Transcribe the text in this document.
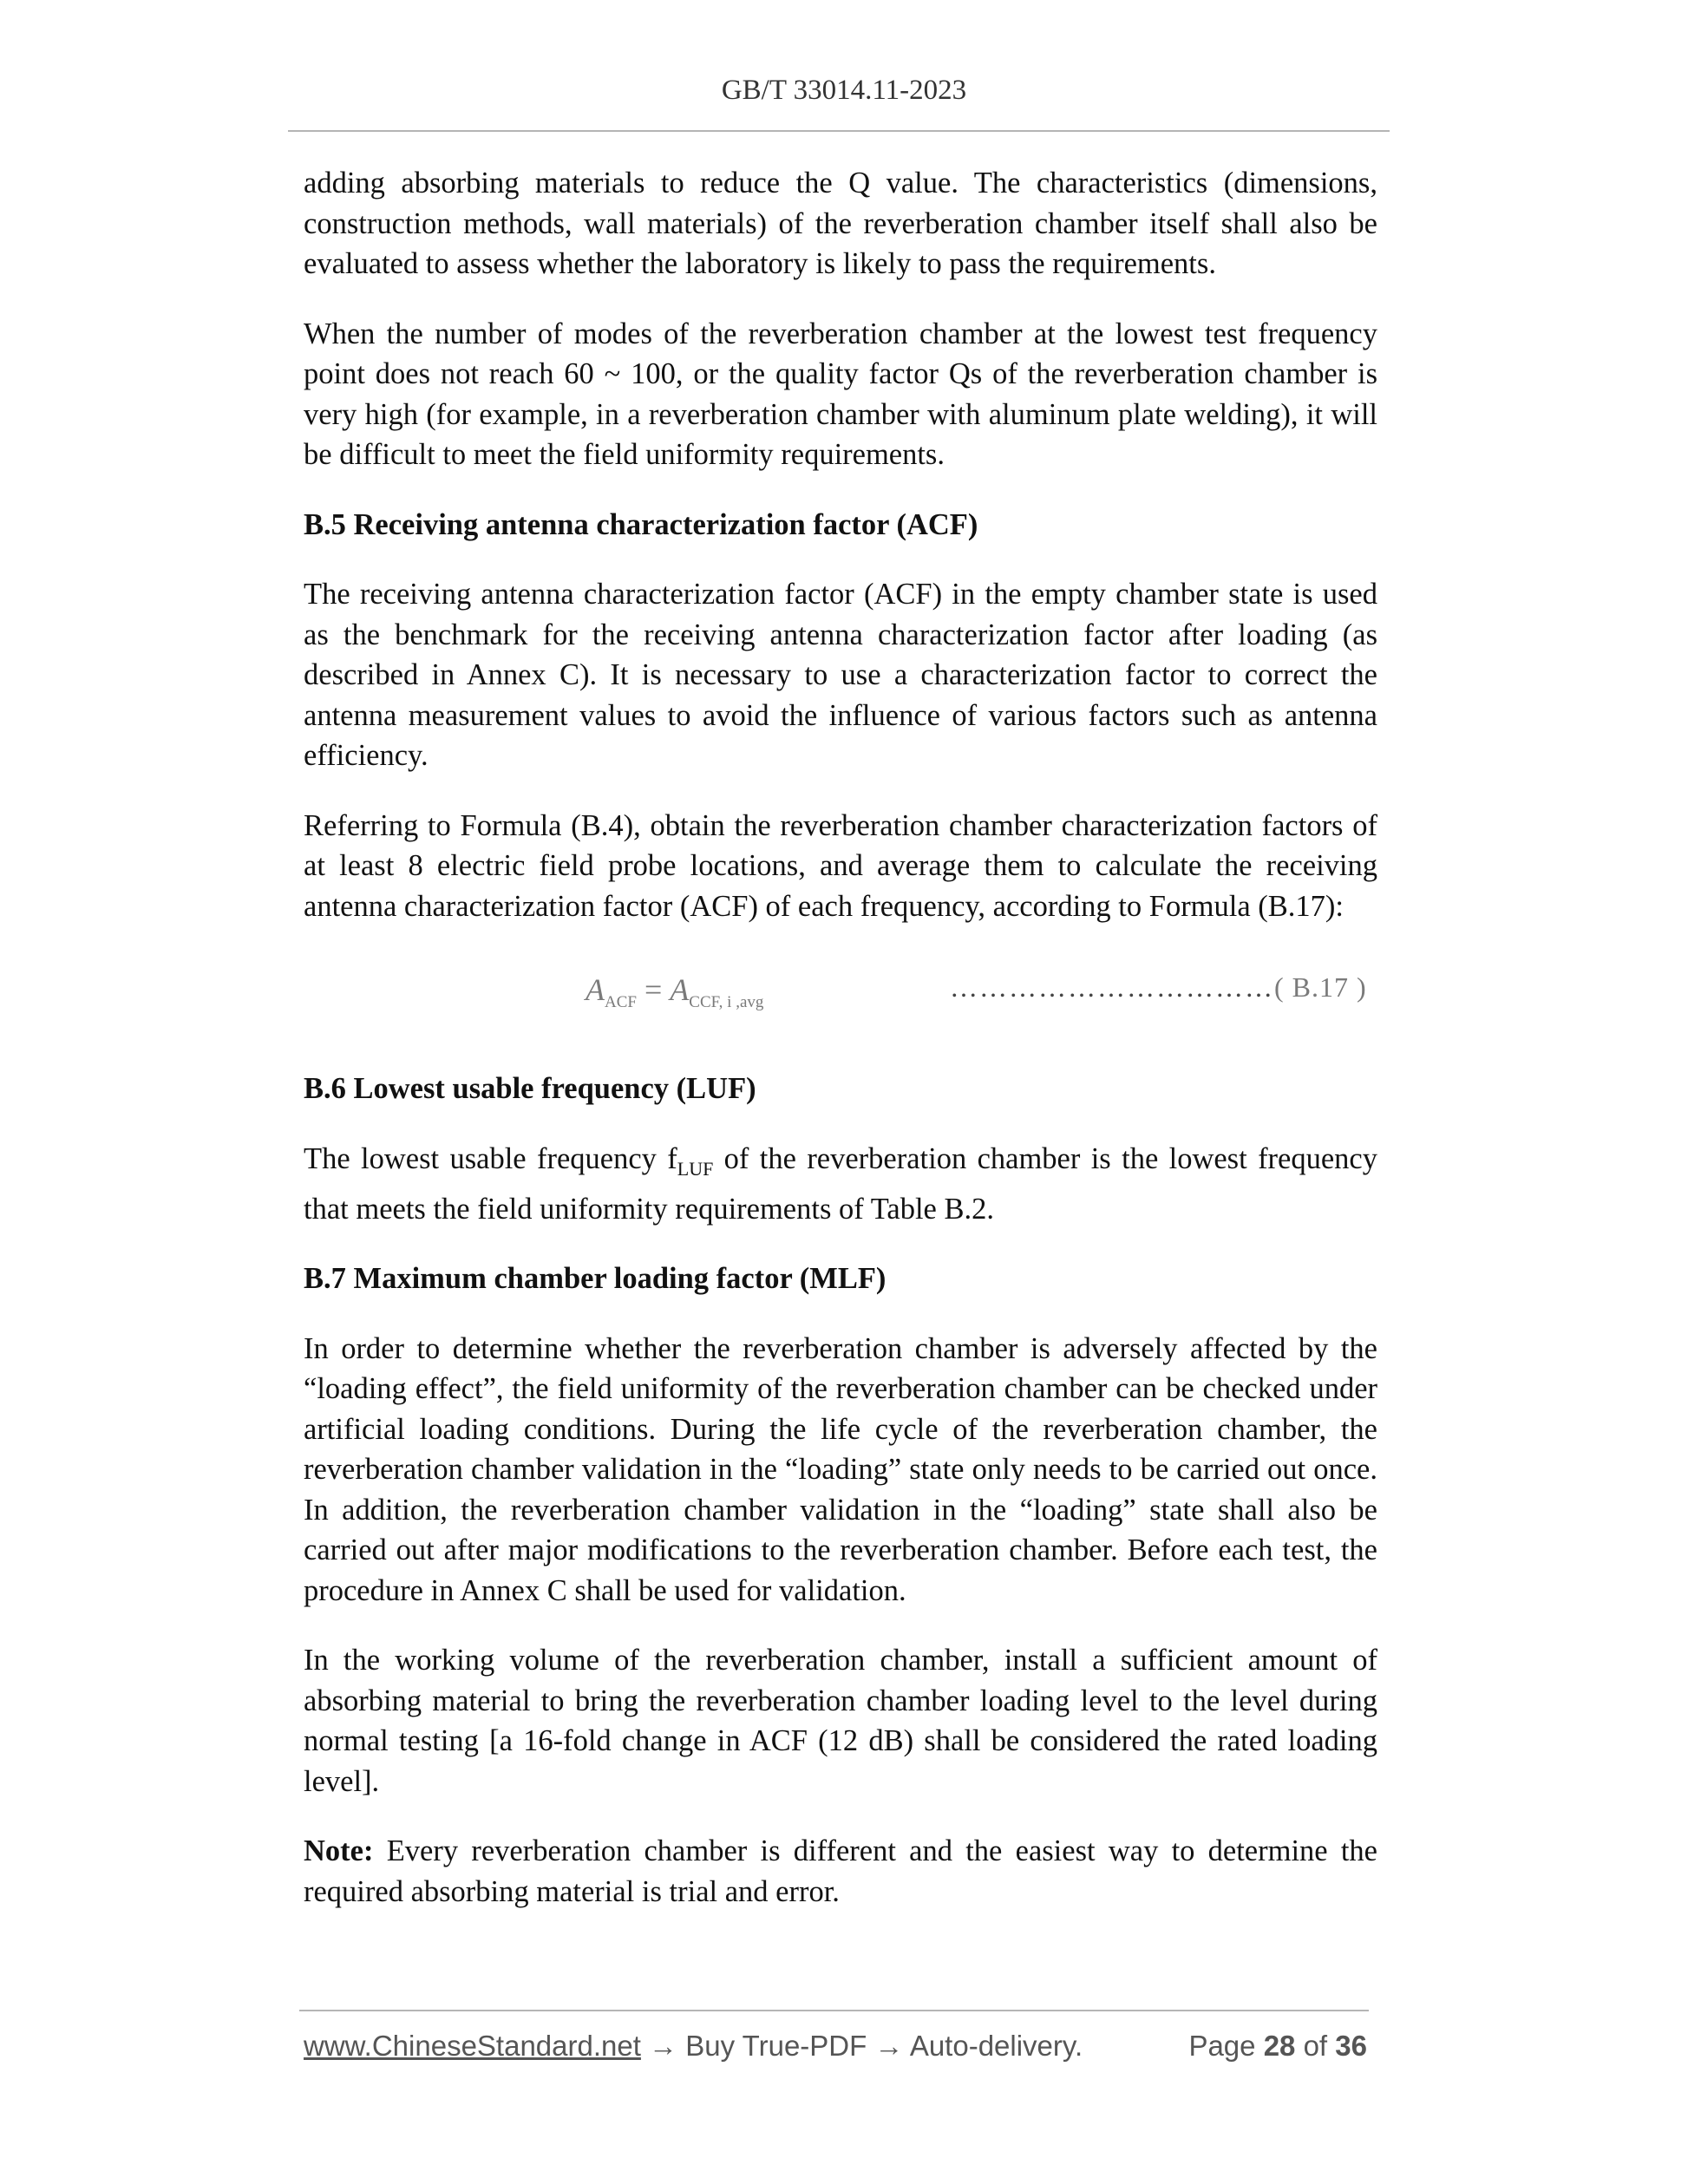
GB/T 33014.11-2023

adding absorbing materials to reduce the Q value. The characteristics (dimensions, construction methods, wall materials) of the reverberation chamber itself shall also be evaluated to assess whether the laboratory is likely to pass the requirements.

When the number of modes of the reverberation chamber at the lowest test frequency point does not reach 60 ~ 100, or the quality factor Qs of the reverberation chamber is very high (for example, in a reverberation chamber with aluminum plate welding), it will be difficult to meet the field uniformity requirements.

B.5 Receiving antenna characterization factor (ACF)

The receiving antenna characterization factor (ACF) in the empty chamber state is used as the benchmark for the receiving antenna characterization factor after loading (as described in Annex C). It is necessary to use a characterization factor to correct the antenna measurement values to avoid the influence of various factors such as antenna efficiency.

Referring to Formula (B.4), obtain the reverberation chamber characterization factors of at least 8 electric field probe locations, and average them to calculate the receiving antenna characterization factor (ACF) of each frequency, according to Formula (B.17):

$A_{ACF} = A_{CCF, i ,avg}$	……………………………( B.17 )
B.6 Lowest usable frequency (LUF)

The lowest usable frequency $f_{LUF}$ of the reverberation chamber is the lowest frequency that meets the field uniformity requirements of Table B.2.

B.7 Maximum chamber loading factor (MLF)

In order to determine whether the reverberation chamber is adversely affected by the “loading effect”, the field uniformity of the reverberation chamber can be checked under artificial loading conditions. During the life cycle of the reverberation chamber, the reverberation chamber validation in the “loading” state only needs to be carried out once. In addition, the reverberation chamber validation in the “loading” state shall also be carried out after major modifications to the reverberation chamber. Before each test, the procedure in Annex C shall be used for validation.

In the working volume of the reverberation chamber, install a sufficient amount of absorbing material to bring the reverberation chamber loading level to the level during normal testing [a 16-fold change in ACF (12 dB) shall be considered the rated loading level].

Note: Every reverberation chamber is different and the easiest way to determine the required absorbing material is trial and error.

www.ChineseStandard.net → Buy True-PDF → Auto-delivery.	Page 28 of 36
